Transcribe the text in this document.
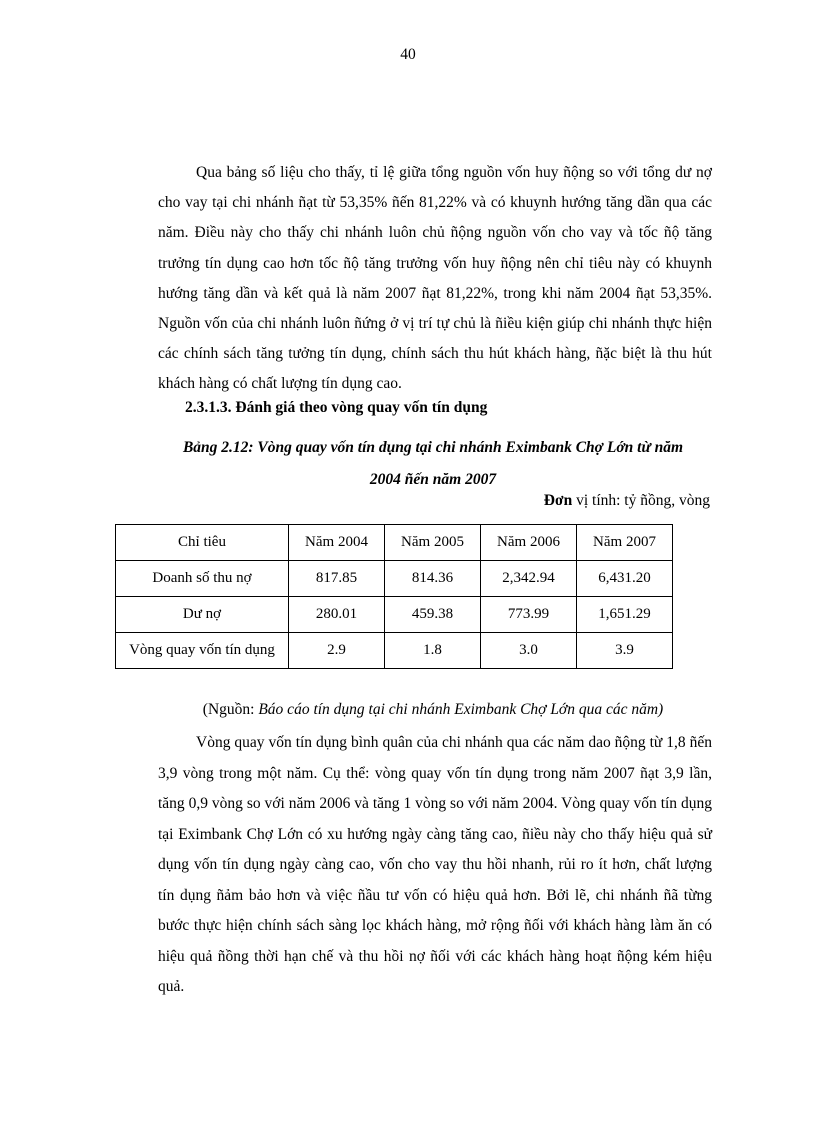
40

Qua bảng số liệu cho thấy, tỉ lệ giữa tổng nguồn vốn huy ñộng so với tổng dư nợ cho vay tại chi nhánh ñạt từ 53,35% ñến 81,22% và có khuynh hướng tăng dần qua các năm. Ðiều này cho thấy chi nhánh luôn chủ ñộng nguồn vốn cho vay và tốc ñộ tăng trưởng tín dụng cao hơn tốc ñộ tăng trưởng vốn huy ñộng nên chỉ tiêu này có khuynh hướng tăng dần và kết quả là năm 2007 ñạt 81,22%, trong khi năm 2004 ñạt 53,35%. Nguồn vốn của chi nhánh luôn ñứng ở vị trí tự chủ là ñiều kiện giúp chi nhánh thực hiện các chính sách tăng tưởng tín dụng, chính sách thu hút khách hàng, ñặc biệt là thu hút khách hàng có chất lượng tín dụng cao.

2.3.1.3. Ðánh giá theo vòng quay vốn tín dụng

Bảng 2.12: Vòng quay vốn tín dụng tại chi nhánh Eximbank Chợ Lớn từ năm
2004 ñến năm 2007

Ðơn vị tính: tỷ ñồng, vòng

Chỉ tiêu	Năm 2004	Năm 2005	Năm 2006	Năm 2007
Doanh số thu nợ	817.85	814.36	2,342.94	6,431.20
Dư nợ	280.01	459.38	773.99	1,651.29
Vòng quay vốn tín dụng	2.9	1.8	3.0	3.9

(Nguồn: Báo cáo tín dụng tại chi nhánh Eximbank Chợ Lớn qua các năm)

Vòng quay vốn tín dụng bình quân của chi nhánh qua các năm dao ñộng từ 1,8 ñến 3,9 vòng trong một năm. Cụ thể: vòng quay vốn tín dụng trong năm 2007 ñạt 3,9 lần, tăng 0,9 vòng so với năm 2006 và tăng 1 vòng so với năm 2004. Vòng quay vốn tín dụng tại Eximbank Chợ Lớn có xu hướng ngày càng tăng cao, ñiều này cho thấy hiệu quả sử dụng vốn tín dụng ngày càng cao, vốn cho vay thu hồi nhanh, rủi ro ít hơn, chất lượng tín dụng ñảm bảo hơn và việc ñầu tư vốn có hiệu quả hơn. Bởi lẽ, chi nhánh ñã từng bước thực hiện chính sách sàng lọc khách hàng, mở rộng ñối với khách hàng làm ăn có hiệu quả ñồng thời hạn chế và thu hồi nợ ñối với các khách hàng hoạt ñộng kém hiệu quả.
